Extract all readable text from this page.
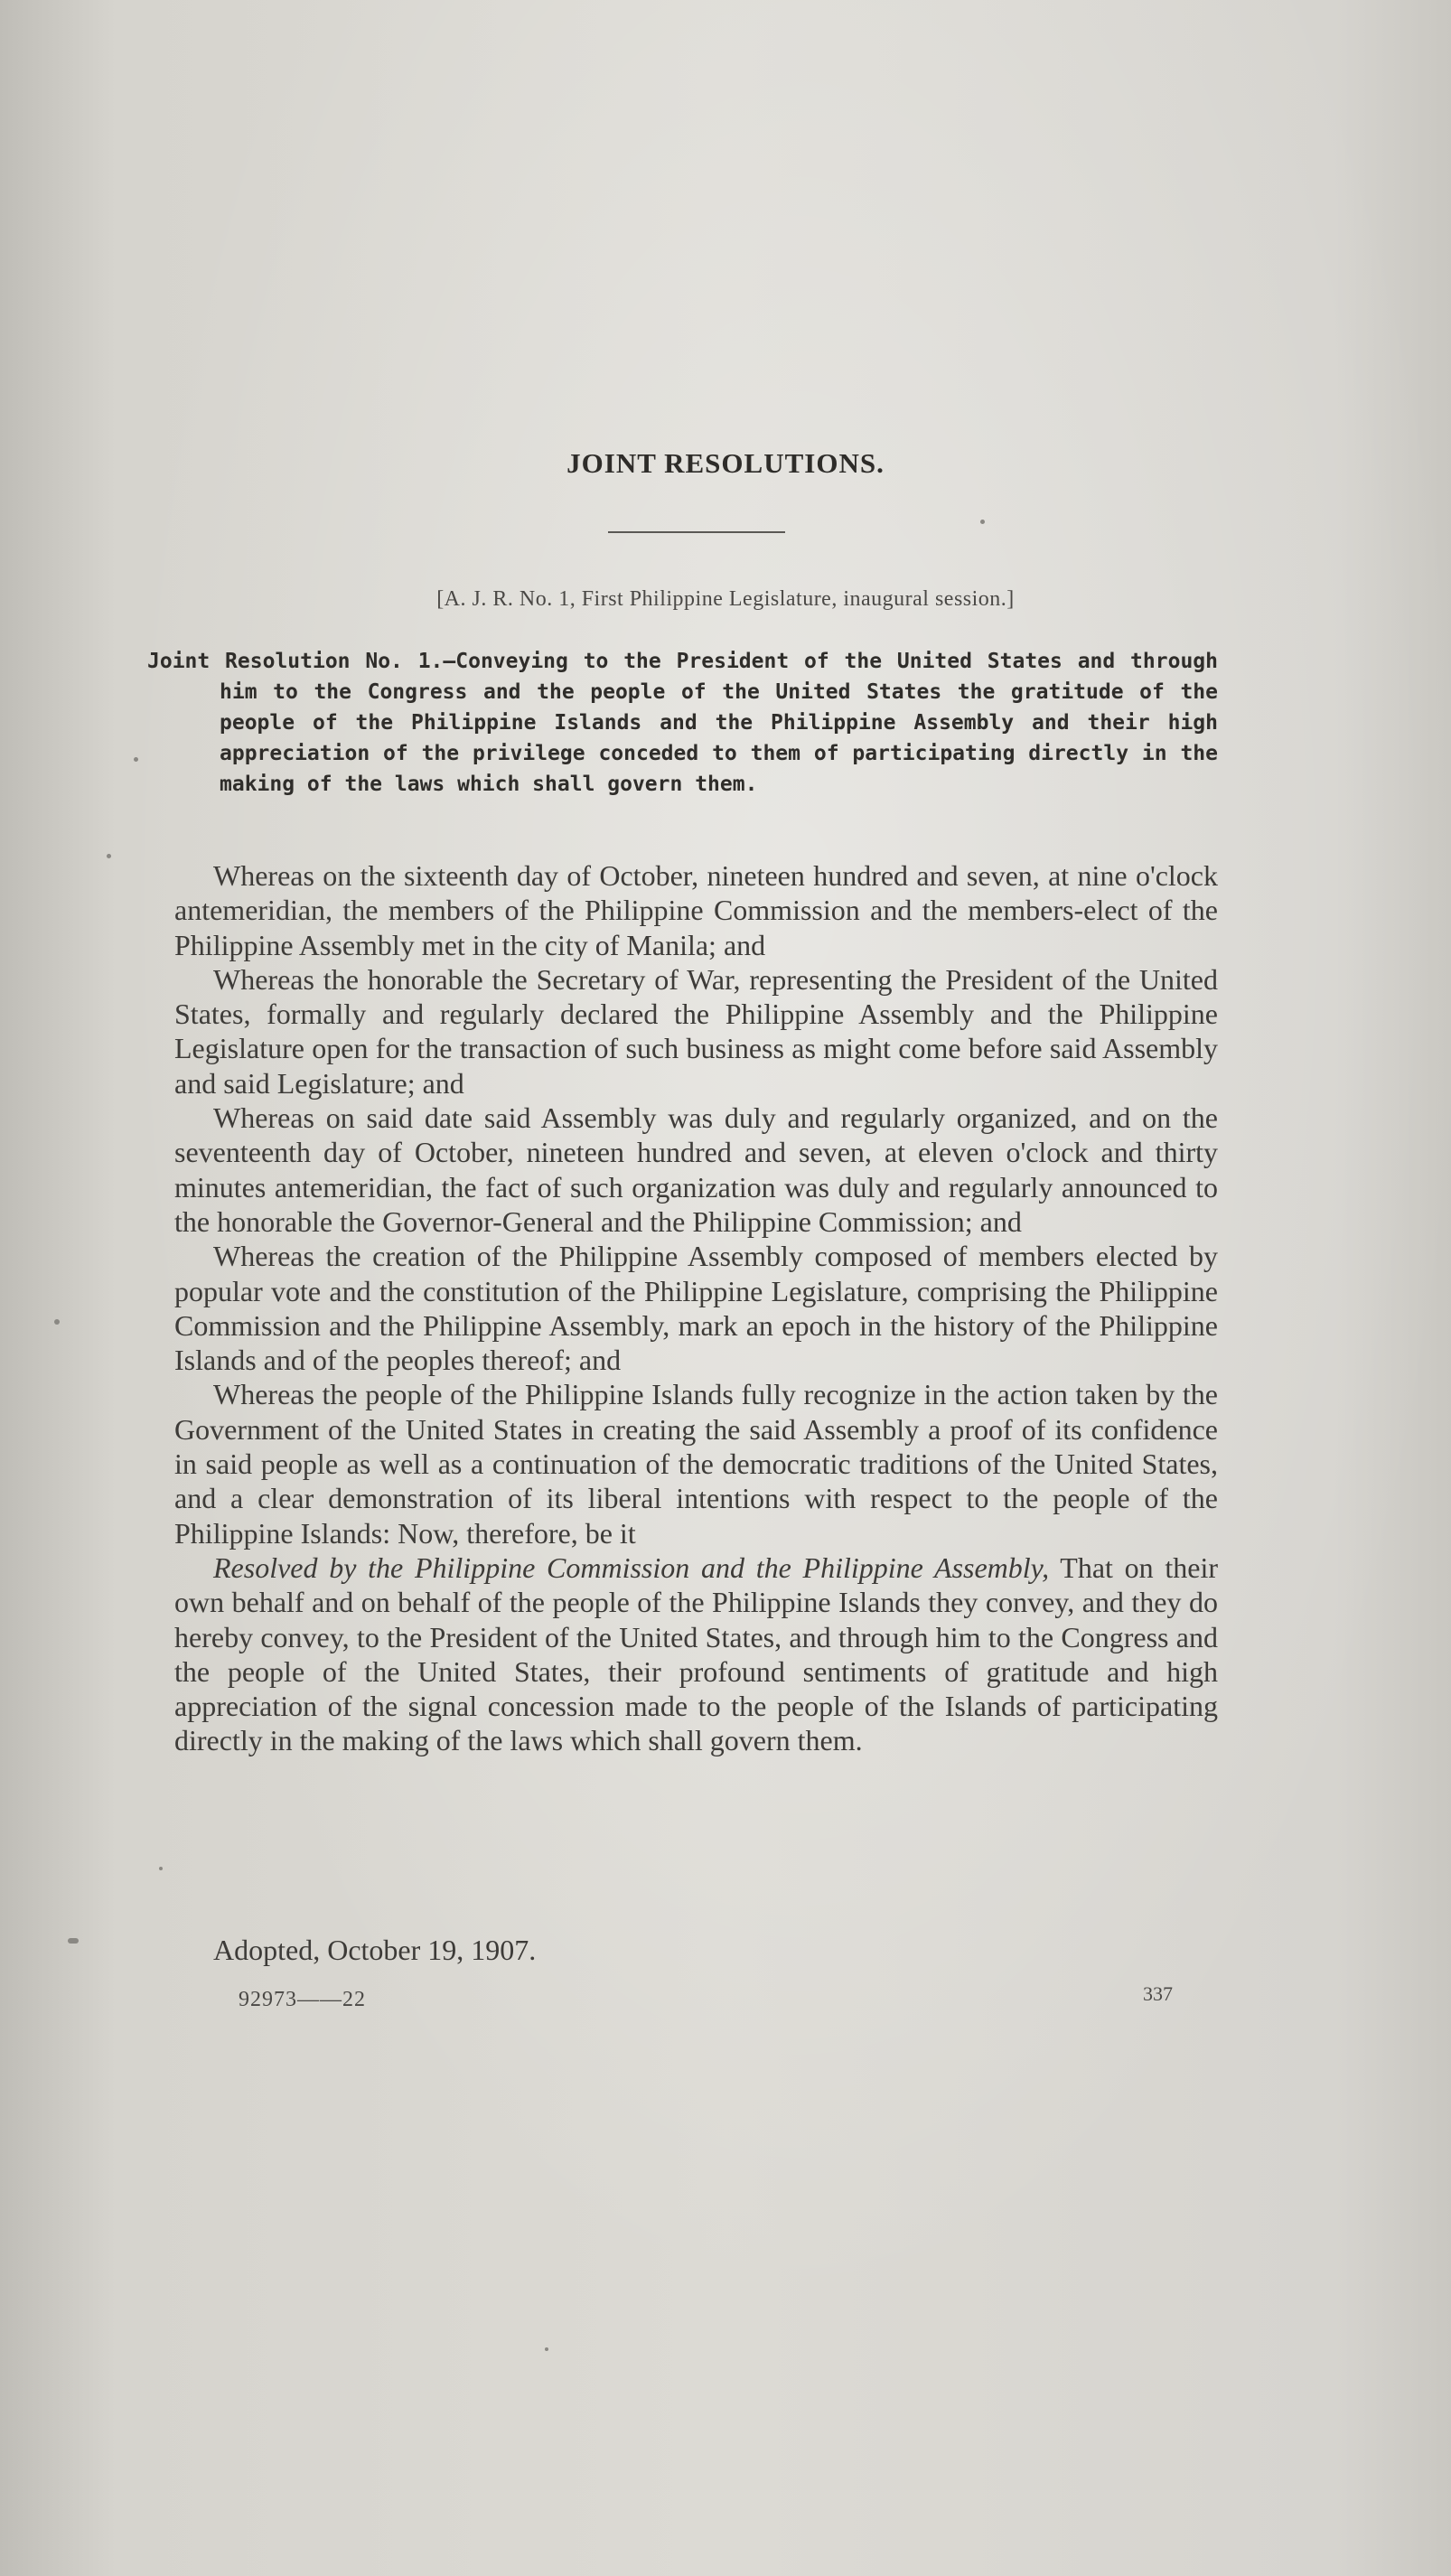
JOINT RESOLUTIONS.
[A. J. R. No. 1, First Philippine Legislature, inaugural session.]
Joint Resolution No. 1.—Conveying to the President of the United States and through him to the Congress and the people of the United States the gratitude of the people of the Philippine Islands and the Philippine Assembly and their high appreciation of the privilege conceded to them of participating directly in the making of the laws which shall govern them.

Whereas on the sixteenth day of October, nineteen hundred and seven, at nine o'clock antemeridian, the members of the Philippine Commission and the members-elect of the Philippine Assembly met in the city of Manila; and

Whereas the honorable the Secretary of War, representing the President of the United States, formally and regularly declared the Philippine Assembly and the Philippine Legislature open for the transaction of such business as might come before said Assembly and said Legislature; and

Whereas on said date said Assembly was duly and regularly organized, and on the seventeenth day of October, nineteen hundred and seven, at eleven o'clock and thirty minutes antemeridian, the fact of such organization was duly and regularly announced to the honorable the Governor-General and the Philippine Commission; and

Whereas the creation of the Philippine Assembly composed of members elected by popular vote and the constitution of the Philippine Legislature, comprising the Philippine Commission and the Philippine Assembly, mark an epoch in the history of the Philippine Islands and of the peoples thereof; and

Whereas the people of the Philippine Islands fully recognize in the action taken by the Government of the United States in creating the said Assembly a proof of its confidence in said people as well as a continuation of the democratic traditions of the United States, and a clear demonstration of its liberal intentions with respect to the people of the Philippine Islands: Now, therefore, be it

Resolved by the Philippine Commission and the Philippine Assembly, That on their own behalf and on behalf of the people of the Philippine Islands they convey, and they do hereby convey, to the President of the United States, and through him to the Congress and the people of the United States, their profound sentiments of gratitude and high appreciation of the signal concession made to the people of the Islands of participating directly in the making of the laws which shall govern them.

Adopted, October 19, 1907.
92973——22	337
